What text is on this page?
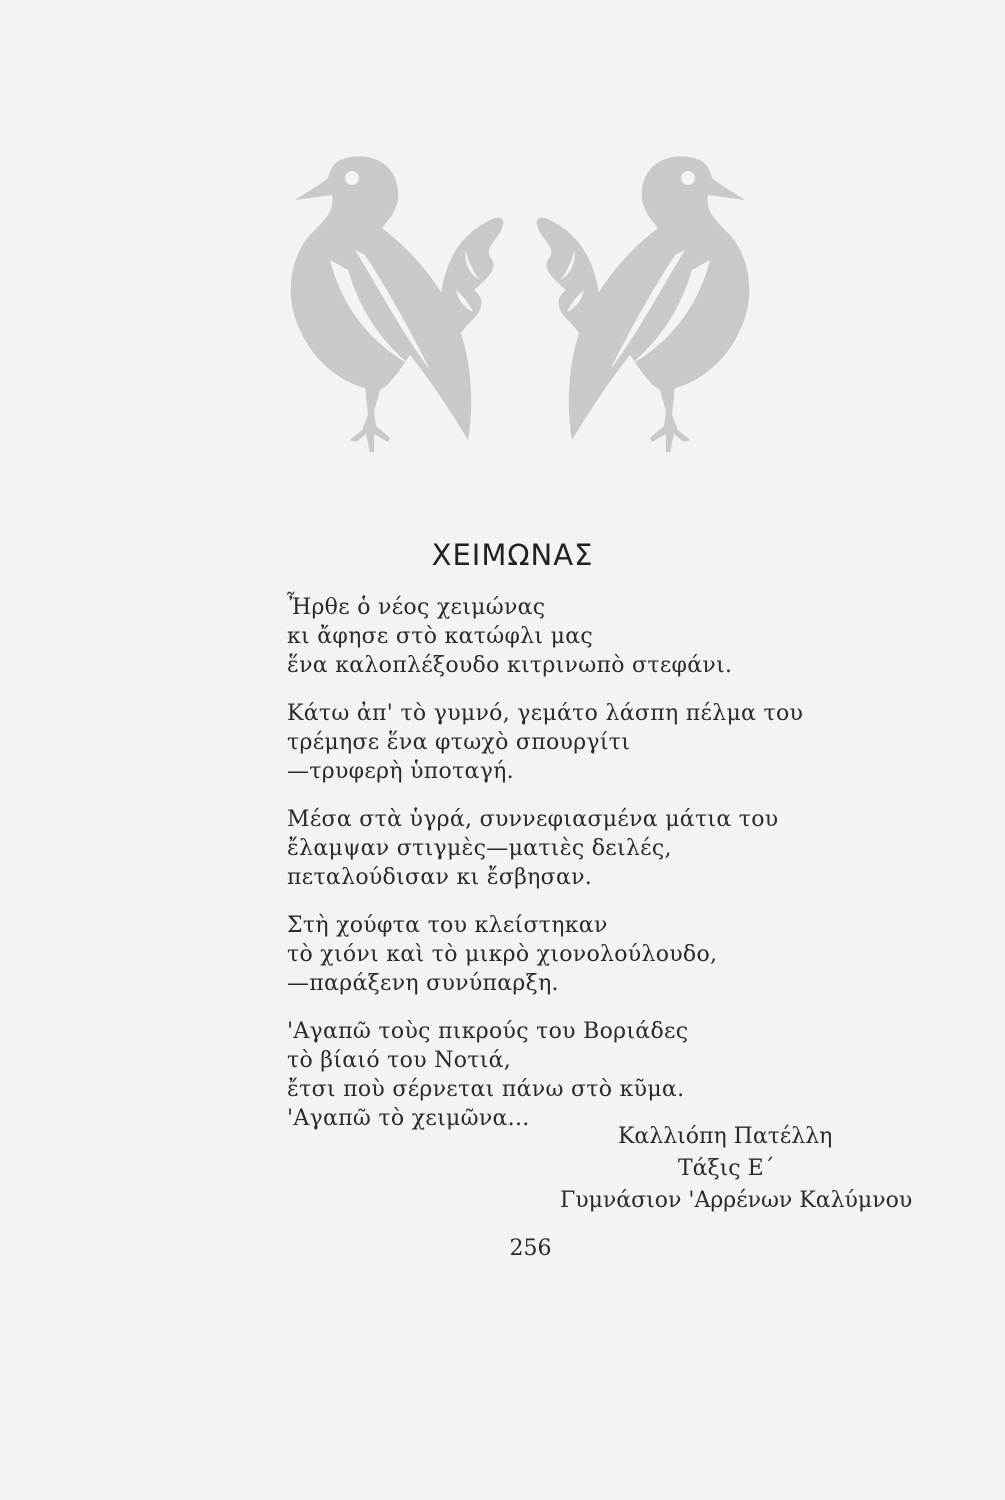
ΧΕΙΜΩΝΑΣ
Ἦρθε ὁ νέος χειμώνας
κι ἄφησε στὸ κατώφλι μας
ἕνα καλοπλέξουδο κιτρινωπὸ στεφάνι.
Κάτω ἀπ' τὸ γυμνό, γεμάτο λάσπη πέλμα του
τρέμησε ἕνα φτωχὸ σπουργίτι
—τρυφερὴ ὑποταγή.
Μέσα στὰ ὑγρά, συννεφιασμένα μάτια του
ἔλαμψαν στιγμὲς—ματιὲς δειλές,
πεταλούδισαν κι ἔσβησαν.
Στὴ χούφτα του κλείστηκαν
τὸ χιόνι καὶ τὸ μικρὸ χιονολούλουδο,
—παράξενη συνύπαρξη.
'Αγαπῶ τοὺς πικρούς του Βοριάδες
τὸ βίαιό του Νοτιά,
ἔτσι ποὺ σέρνεται πάνω στὸ κῦμα.
'Αγαπῶ τὸ χειμῶνα...
Καλλιόπη Πατέλλη
Τάξις Ε΄
Γυμνάσιον 'Αρρένων Καλύμνου
256
